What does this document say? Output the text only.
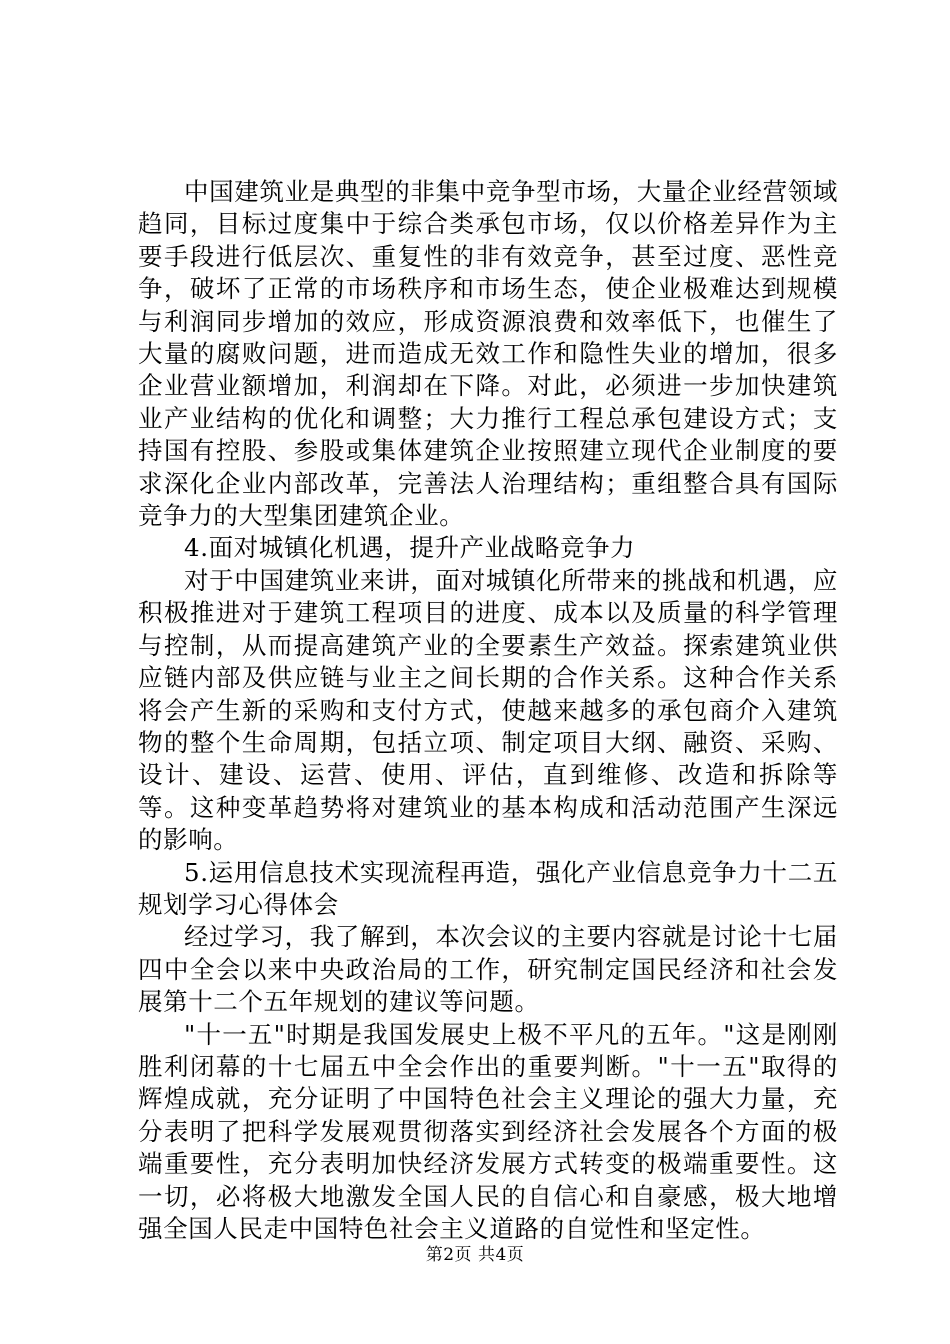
中国建筑业是典型的非集中竞争型市场，大量企业经营领域趋同，目标过度集中于综合类承包市场，仅以价格差异作为主要手段进行低层次、重复性的非有效竞争，甚至过度、恶性竞争，破坏了正常的市场秩序和市场生态，使企业极难达到规模与利润同步增加的效应，形成资源浪费和效率低下，也催生了大量的腐败问题，进而造成无效工作和隐性失业的增加，很多企业营业额增加，利润却在下降。对此，必须进一步加快建筑业产业结构的优化和调整；大力推行工程总承包建设方式；支持国有控股、参股或集体建筑企业按照建立现代企业制度的要求深化企业内部改革，完善法人治理结构；重组整合具有国际竞争力的大型集团建筑企业。

4.面对城镇化机遇，提升产业战略竞争力

对于中国建筑业来讲，面对城镇化所带来的挑战和机遇，应积极推进对于建筑工程项目的进度、成本以及质量的科学管理与控制，从而提高建筑产业的全要素生产效益。探索建筑业供应链内部及供应链与业主之间长期的合作关系。这种合作关系将会产生新的采购和支付方式，使越来越多的承包商介入建筑物的整个生命周期，包括立项、制定项目大纲、融资、采购、设计、建设、运营、使用、评估，直到维修、改造和拆除等等。这种变革趋势将对建筑业的基本构成和活动范围产生深远的影响。

5.运用信息技术实现流程再造，强化产业信息竞争力十二五规划学习心得体会

经过学习，我了解到，本次会议的主要内容就是讨论十七届四中全会以来中央政治局的工作，研究制定国民经济和社会发展第十二个五年规划的建议等问题。

"十一五"时期是我国发展史上极不平凡的五年。"这是刚刚胜利闭幕的十七届五中全会作出的重要判断。"十一五"取得的辉煌成就，充分证明了中国特色社会主义理论的强大力量，充分表明了把科学发展观贯彻落实到经济社会发展各个方面的极端重要性，充分表明加快经济发展方式转变的极端重要性。这一切，必将极大地激发全国人民的自信心和自豪感，极大地增强全国人民走中国特色社会主义道路的自觉性和坚定性。

第2页 共4页
